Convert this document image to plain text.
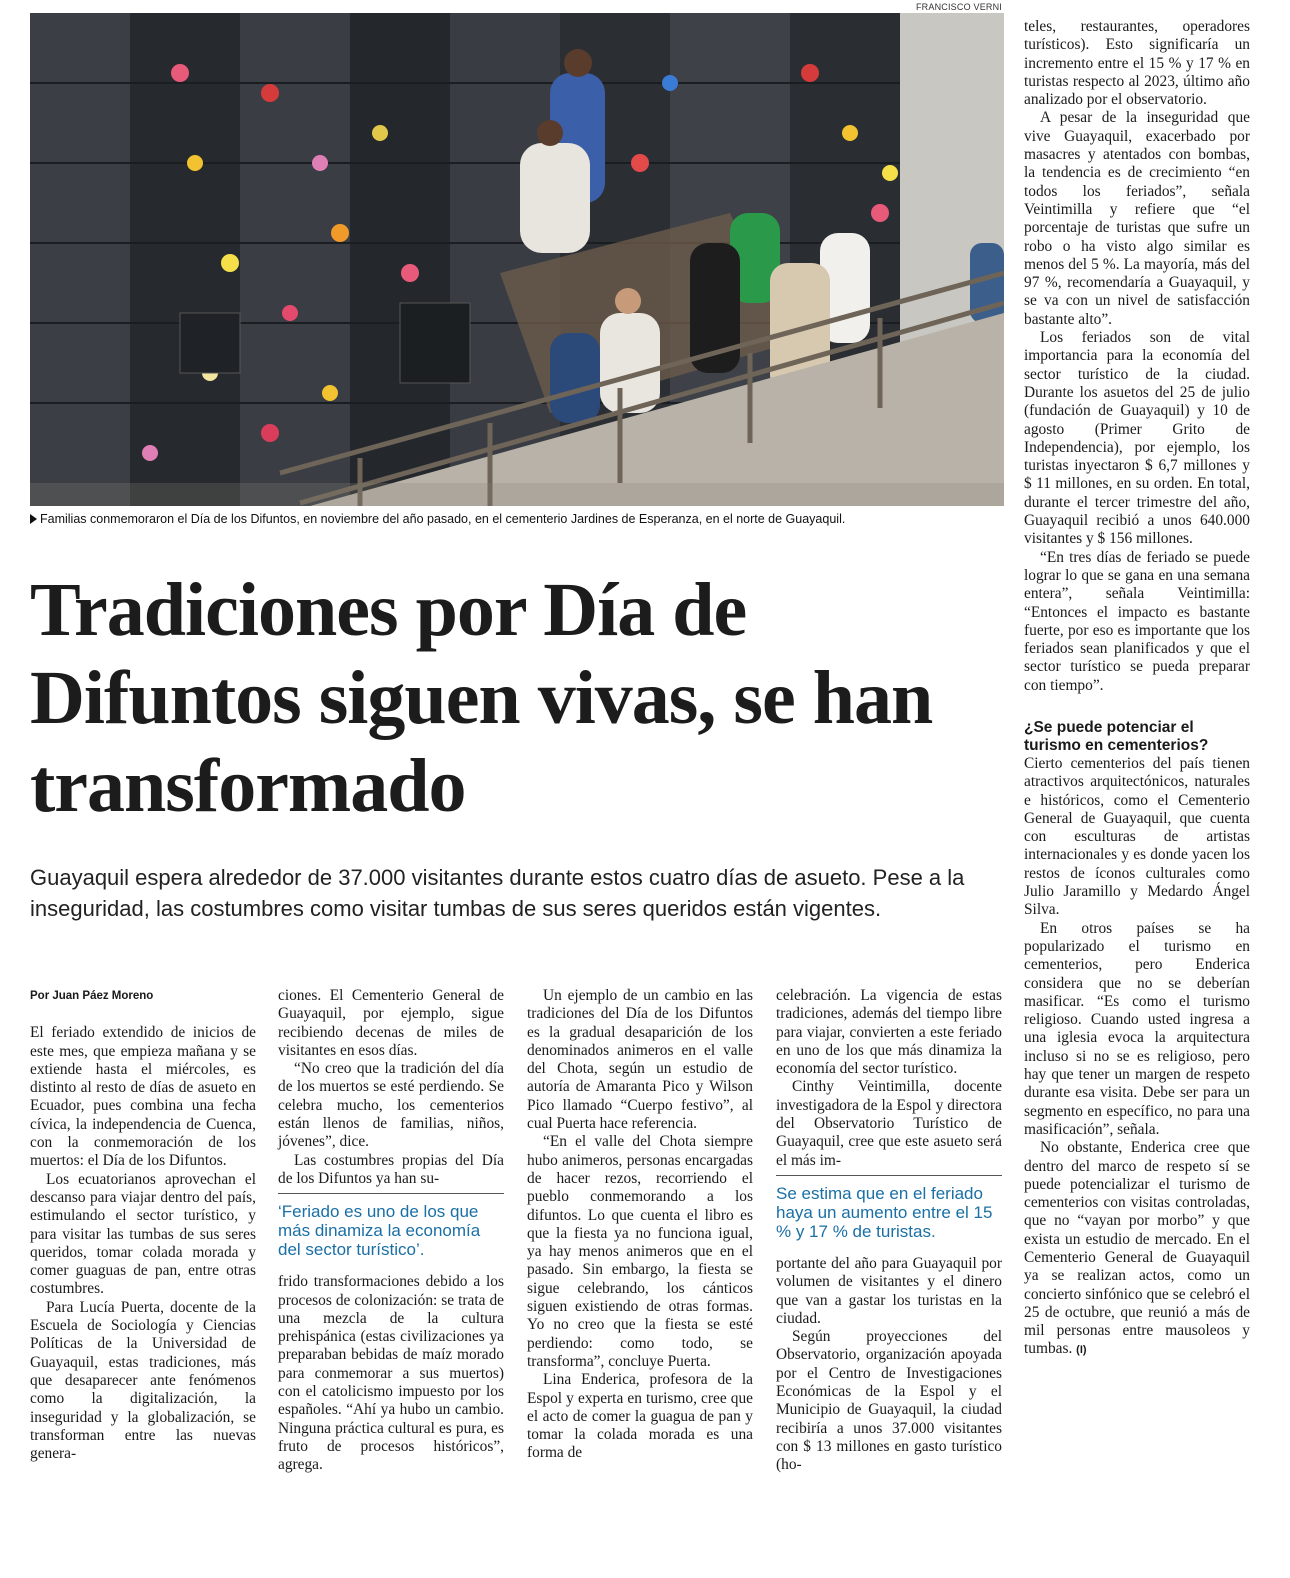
FRANCISCO VERNI
Familias conmemoraron el Día de los Difuntos, en noviembre del año pasado, en el cementerio Jardines de Esperanza, en el norte de Guayaquil.
Tradiciones por Día de Difuntos siguen vivas, se han transformado
Guayaquil espera alrededor de 37.000 visitantes durante estos cuatro días de asueto. Pese a la inseguridad, las costumbres como visitar tumbas de sus seres queridos están vigentes.

Por Juan Páez Moreno

El feriado extendido de inicios de este mes, que empieza mañana y se extiende hasta el miércoles, es distinto al resto de días de asueto en Ecuador, pues combina una fecha cívica, la independencia de Cuenca, con la conmemoración de los muertos: el Día de los Difuntos.

Los ecuatorianos aprovechan el descanso para viajar dentro del país, estimulando el sector turístico, y para visitar las tumbas de sus seres queridos, tomar colada morada y comer guaguas de pan, entre otras costumbres.

Para Lucía Puerta, docente de la Escuela de Sociología y Ciencias Políticas de la Universidad de Guayaquil, estas tradiciones, más que desaparecer ante fenómenos como la digitalización, la inseguridad y la globalización, se transforman entre las nuevas genera-

ciones. El Cementerio General de Guayaquil, por ejemplo, sigue recibiendo decenas de miles de visitantes en esos días.

“No creo que la tradición del día de los muertos se esté perdiendo. Se celebra mucho, los cementerios están llenos de familias, niños, jóvenes”, dice.

Las costumbres propias del Día de los Difuntos ya han su-

‘Feriado es uno de los que más dinamiza la economía del sector turístico’.

frido transformaciones debido a los procesos de colonización: se trata de una mezcla de la cultura prehispánica (estas civilizaciones ya preparaban bebidas de maíz morado para conmemorar a sus muertos) con el catolicismo impuesto por los españoles. “Ahí ya hubo un cambio. Ninguna práctica cultural es pura, es fruto de procesos históricos”, agrega.

Un ejemplo de un cambio en las tradiciones del Día de los Difuntos es la gradual desaparición de los denominados animeros en el valle del Chota, según un estudio de autoría de Amaranta Pico y Wilson Pico llamado “Cuerpo festivo”, al cual Puerta hace referencia.

“En el valle del Chota siempre hubo animeros, personas encargadas de hacer rezos, recorriendo el pueblo conmemorando a los difuntos. Lo que cuenta el libro es que la fiesta ya no funciona igual, ya hay menos animeros que en el pasado. Sin embargo, la fiesta se sigue celebrando, los cánticos siguen existiendo de otras formas. Yo no creo que la fiesta se esté perdiendo: como todo, se transforma”, concluye Puerta.

Lina Enderica, profesora de la Espol y experta en turismo, cree que el acto de comer la guagua de pan y tomar la colada morada es una forma de

celebración. La vigencia de estas tradiciones, además del tiempo libre para viajar, convierten a este feriado en uno de los que más dinamiza la economía del sector turístico.

Cinthy Veintimilla, docente investigadora de la Espol y directora del Observatorio Turístico de Guayaquil, cree que este asueto será el más im-

Se estima que en el feriado haya un aumento entre el 15 % y 17 % de turistas.

portante del año para Guayaquil por volumen de visitantes y el dinero que van a gastar los turistas en la ciudad.

Según proyecciones del Observatorio, organización apoyada por el Centro de Investigaciones Económicas de la Espol y el Municipio de Guayaquil, la ciudad recibiría a unos 37.000 visitantes con $ 13 millones en gasto turístico (ho-

teles, restaurantes, operadores turísticos). Esto significaría un incremento entre el 15 % y 17 % en turistas respecto al 2023, último año analizado por el observatorio.

A pesar de la inseguridad que vive Guayaquil, exacerbado por masacres y atentados con bombas, la tendencia es de crecimiento “en todos los feriados”, señala Veintimilla y refiere que “el porcentaje de turistas que sufre un robo o ha visto algo similar es menos del 5 %. La mayoría, más del 97 %, recomendaría a Guayaquil, y se va con un nivel de satisfacción bastante alto”.

Los feriados son de vital importancia para la economía del sector turístico de la ciudad. Durante los asuetos del 25 de julio (fundación de Guayaquil) y 10 de agosto (Primer Grito de Independencia), por ejemplo, los turistas inyectaron $ 6,7 millones y $ 11 millones, en su orden. En total, durante el tercer trimestre del año, Guayaquil recibió a unos 640.000 visitantes y $ 156 millones.

“En tres días de feriado se puede lograr lo que se gana en una semana entera”, señala Veintimilla: “Entonces el impacto es bastante fuerte, por eso es importante que los feriados sean planificados y que el sector turístico se pueda preparar con tiempo”.

¿Se puede potenciar el turismo en cementerios?

Cierto cementerios del país tienen atractivos arquitectónicos, naturales e históricos, como el Cementerio General de Guayaquil, que cuenta con esculturas de artistas internacionales y es donde yacen los restos de íconos culturales como Julio Jaramillo y Medardo Ángel Silva.

En otros países se ha popularizado el turismo en cementerios, pero Enderica considera que no se deberían masificar. “Es como el turismo religioso. Cuando usted ingresa a una iglesia evoca la arquitectura incluso si no se es religioso, pero hay que tener un margen de respeto durante esa visita. Debe ser para un segmento en específico, no para una masificación”, señala.

No obstante, Enderica cree que dentro del marco de respeto sí se puede potencializar el turismo de cementerios con visitas controladas, que no “vayan por morbo” y que exista un estudio de mercado. En el Cementerio General de Guayaquil ya se realizan actos, como un concierto sinfónico que se celebró el 25 de octubre, que reunió a más de mil personas entre mausoleos y tumbas. (I)
